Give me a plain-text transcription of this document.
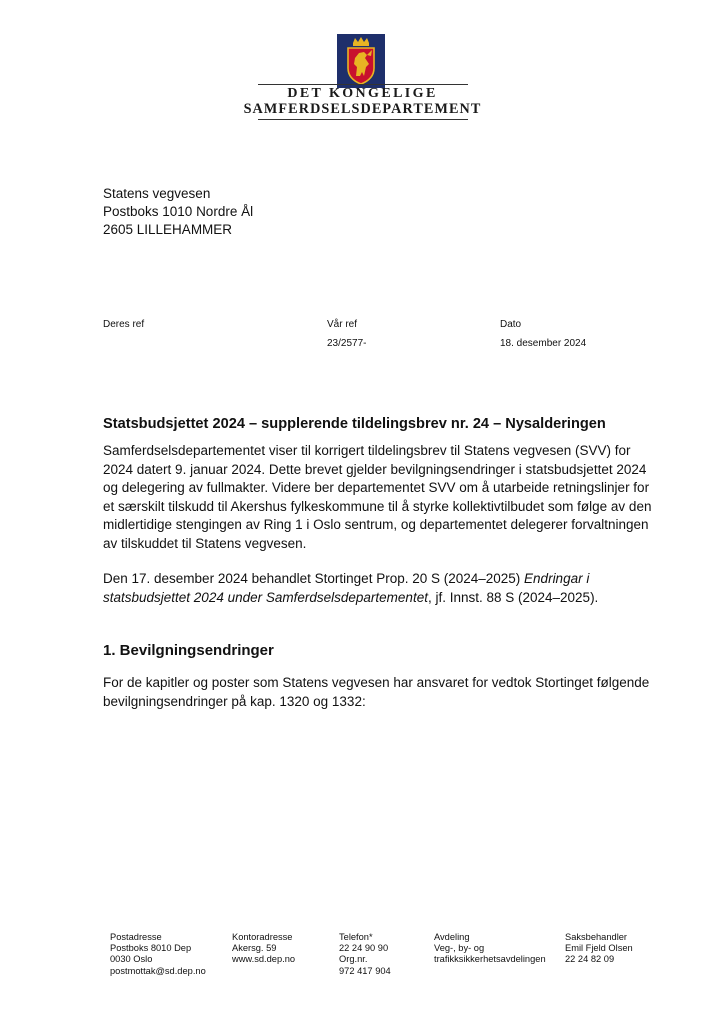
DET KONGELIGE
SAMFERDSELSDEPARTEMENT
Statens vegvesen
Postboks 1010 Nordre Ål
2605 LILLEHAMMER
Deres ref	Vår ref
23/2577-
Dato
18. desember 2024
Statsbudsjettet 2024 – supplerende tildelingsbrev nr. 24 – Nysalderingen
Samferdselsdepartementet viser til korrigert tildelingsbrev til Statens vegvesen (SVV) for
2024 datert 9. januar 2024. Dette brevet gjelder bevilgningsendringer i statsbudsjettet 2024
og delegering av fullmakter. Videre ber departementet SVV om å utarbeide retningslinjer for
et særskilt tilskudd til Akershus fylkeskommune til å styrke kollektivtilbudet som følge av den
midlertidige stengingen av Ring 1 i Oslo sentrum, og departementet delegerer forvaltningen
av tilskuddet til Statens vegvesen.
Den 17. desember 2024 behandlet Stortinget Prop. 20 S (2024–2025) Endringar i
statsbudsjettet 2024 under Samferdselsdepartementet, jf. Innst. 88 S (2024–2025).
1. Bevilgningsendringer
For de kapitler og poster som Statens vegvesen har ansvaret for vedtok Stortinget følgende
bevilgningsendringer på kap. 1320 og 1332:
Postadresse
Postboks 8010 Dep
0030 Oslo
postmottak@sd.dep.no
Kontoradresse
Akersg. 59
www.sd.dep.no
Telefon*
22 24 90 90
Org.nr.
972 417 904
Avdeling
Veg-, by- og
trafikksikkerhetsavdelingen
Saksbehandler
Emil Fjeld Olsen
22 24 82 09
